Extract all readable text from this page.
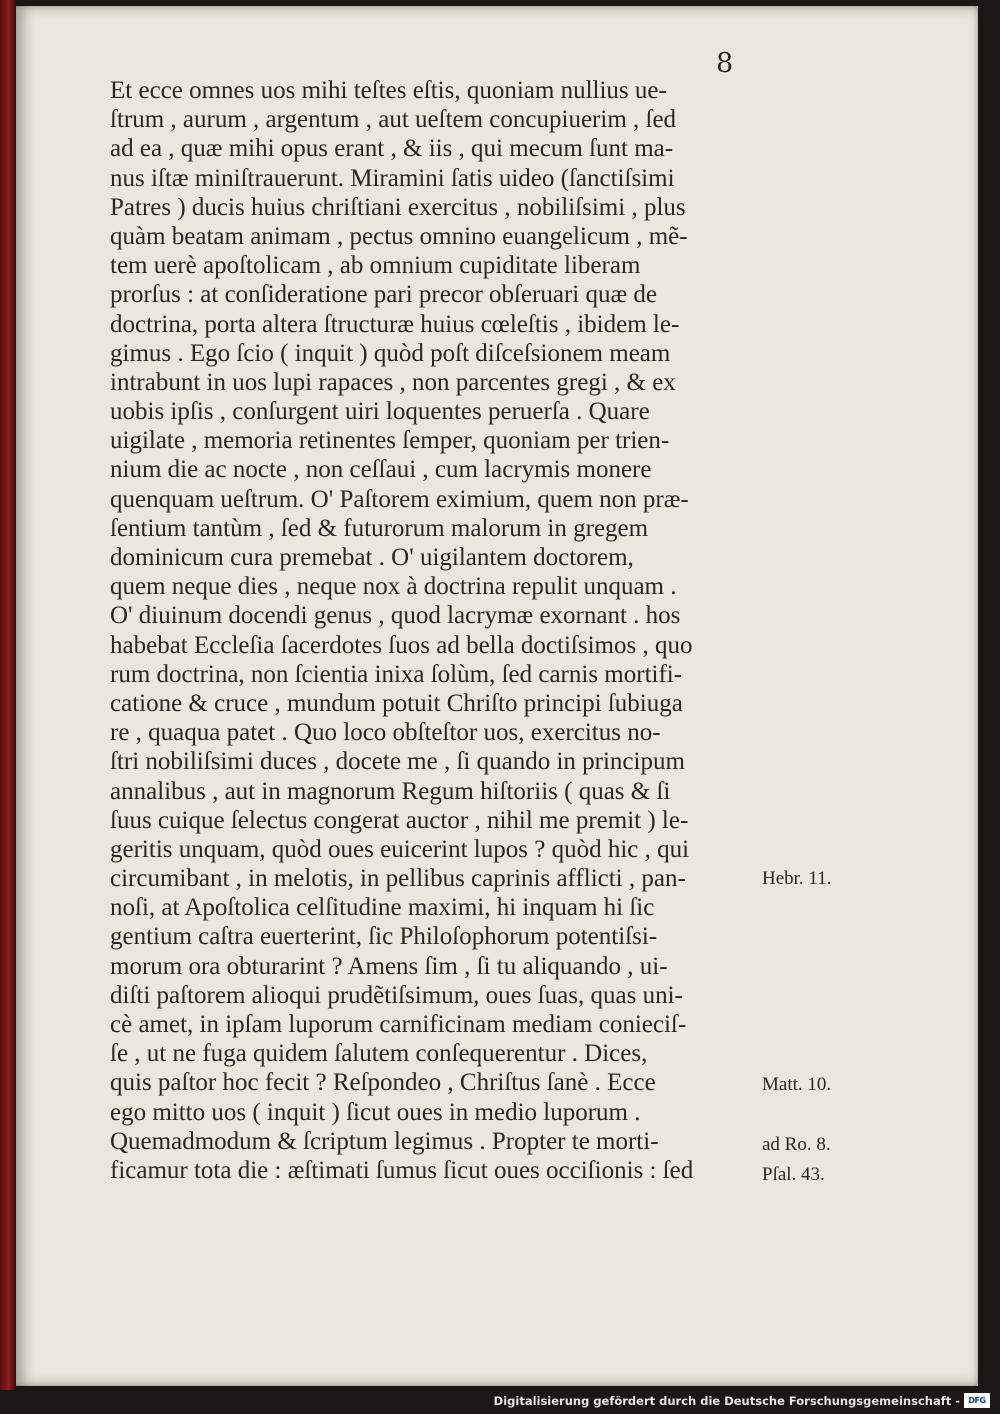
8
Et ecce omnes uos mihi teſtes eſtis, quoniam nullius ue-
ſtrum , aurum , argentum , aut ueſtem concupiuerim , ſed
ad ea , quæ mihi opus erant , & iis , qui mecum ſunt ma-
nus iſtæ miniſtrauerunt. Miramini ſatis uideo (ſanctiſsimi
Patres ) ducis huius chriſtiani exercitus , nobiliſsimi , plus
quàm beatam animam , pectus omnino euangelicum , mẽ-
tem uerè apoſtolicam , ab omnium cupiditate liberam
prorſus : at conſideratione pari precor obſeruari quæ de
doctrina, porta altera ſtructuræ huius cœleſtis , ibidem le-
gimus . Ego ſcio ( inquit ) quòd poſt diſceſsionem meam
intrabunt in uos lupi rapaces , non parcentes gregi , & ex
uobis ipſis , conſurgent uiri loquentes peruerſa . Quare
uigilate , memoria retinentes ſemper, quoniam per trien-
nium die ac nocte , non ceſſaui , cum lacrymis monere
quenquam ueſtrum. O' Paſtorem eximium, quem non præ-
ſentium tantùm , ſed & futurorum malorum in gregem
dominicum cura premebat . O' uigilantem doctorem,
quem neque dies , neque nox à doctrina repulit unquam .
O' diuinum docendi genus , quod lacrymæ exornant . hos
habebat Eccleſia ſacerdotes ſuos ad bella doctiſsimos , quo
rum doctrina, non ſcientia inixa ſolùm, ſed carnis mortifi-
catione & cruce , mundum potuit Chriſto principi ſubiuga
re , quaqua patet . Quo loco obſteſtor uos, exercitus no-
ſtri nobiliſsimi duces , docete me , ſi quando in principum
annalibus , aut in magnorum Regum hiſtoriis ( quas & ſi
ſuus cuique ſelectus congerat auctor , nihil me premit ) le-
geritis unquam, quòd oues euicerint lupos ? quòd hic , qui
circumibant , in melotis, in pellibus caprinis afflicti , pan-
noſi, at Apoſtolica celſitudine maximi, hi inquam hi ſic
gentium caſtra euerterint, ſic Philoſophorum potentiſsi-
morum ora obturarint ? Amens ſim , ſi tu aliquando , ui-
diſti paſtorem alioqui prudẽtiſsimum, oues ſuas, quas uni-
cè amet, in ipſam luporum carnificinam mediam conieciſ-
ſe , ut ne fuga quidem ſalutem conſequerentur . Dices,
quis paſtor hoc fecit ? Reſpondeo , Chriſtus ſanè . Ecce
ego mitto uos ( inquit ) ſicut oues in medio luporum .
Quemadmodum & ſcriptum legimus . Propter te morti-
ficamur tota die : æſtimati ſumus ſicut oues occiſionis : ſed
Hebr. 11.
Matt. 10.
ad Ro. 8.
Pſal. 43.
Digitalisierung gefördert durch die Deutsche Forschungsgemeinschaft -	DFG
